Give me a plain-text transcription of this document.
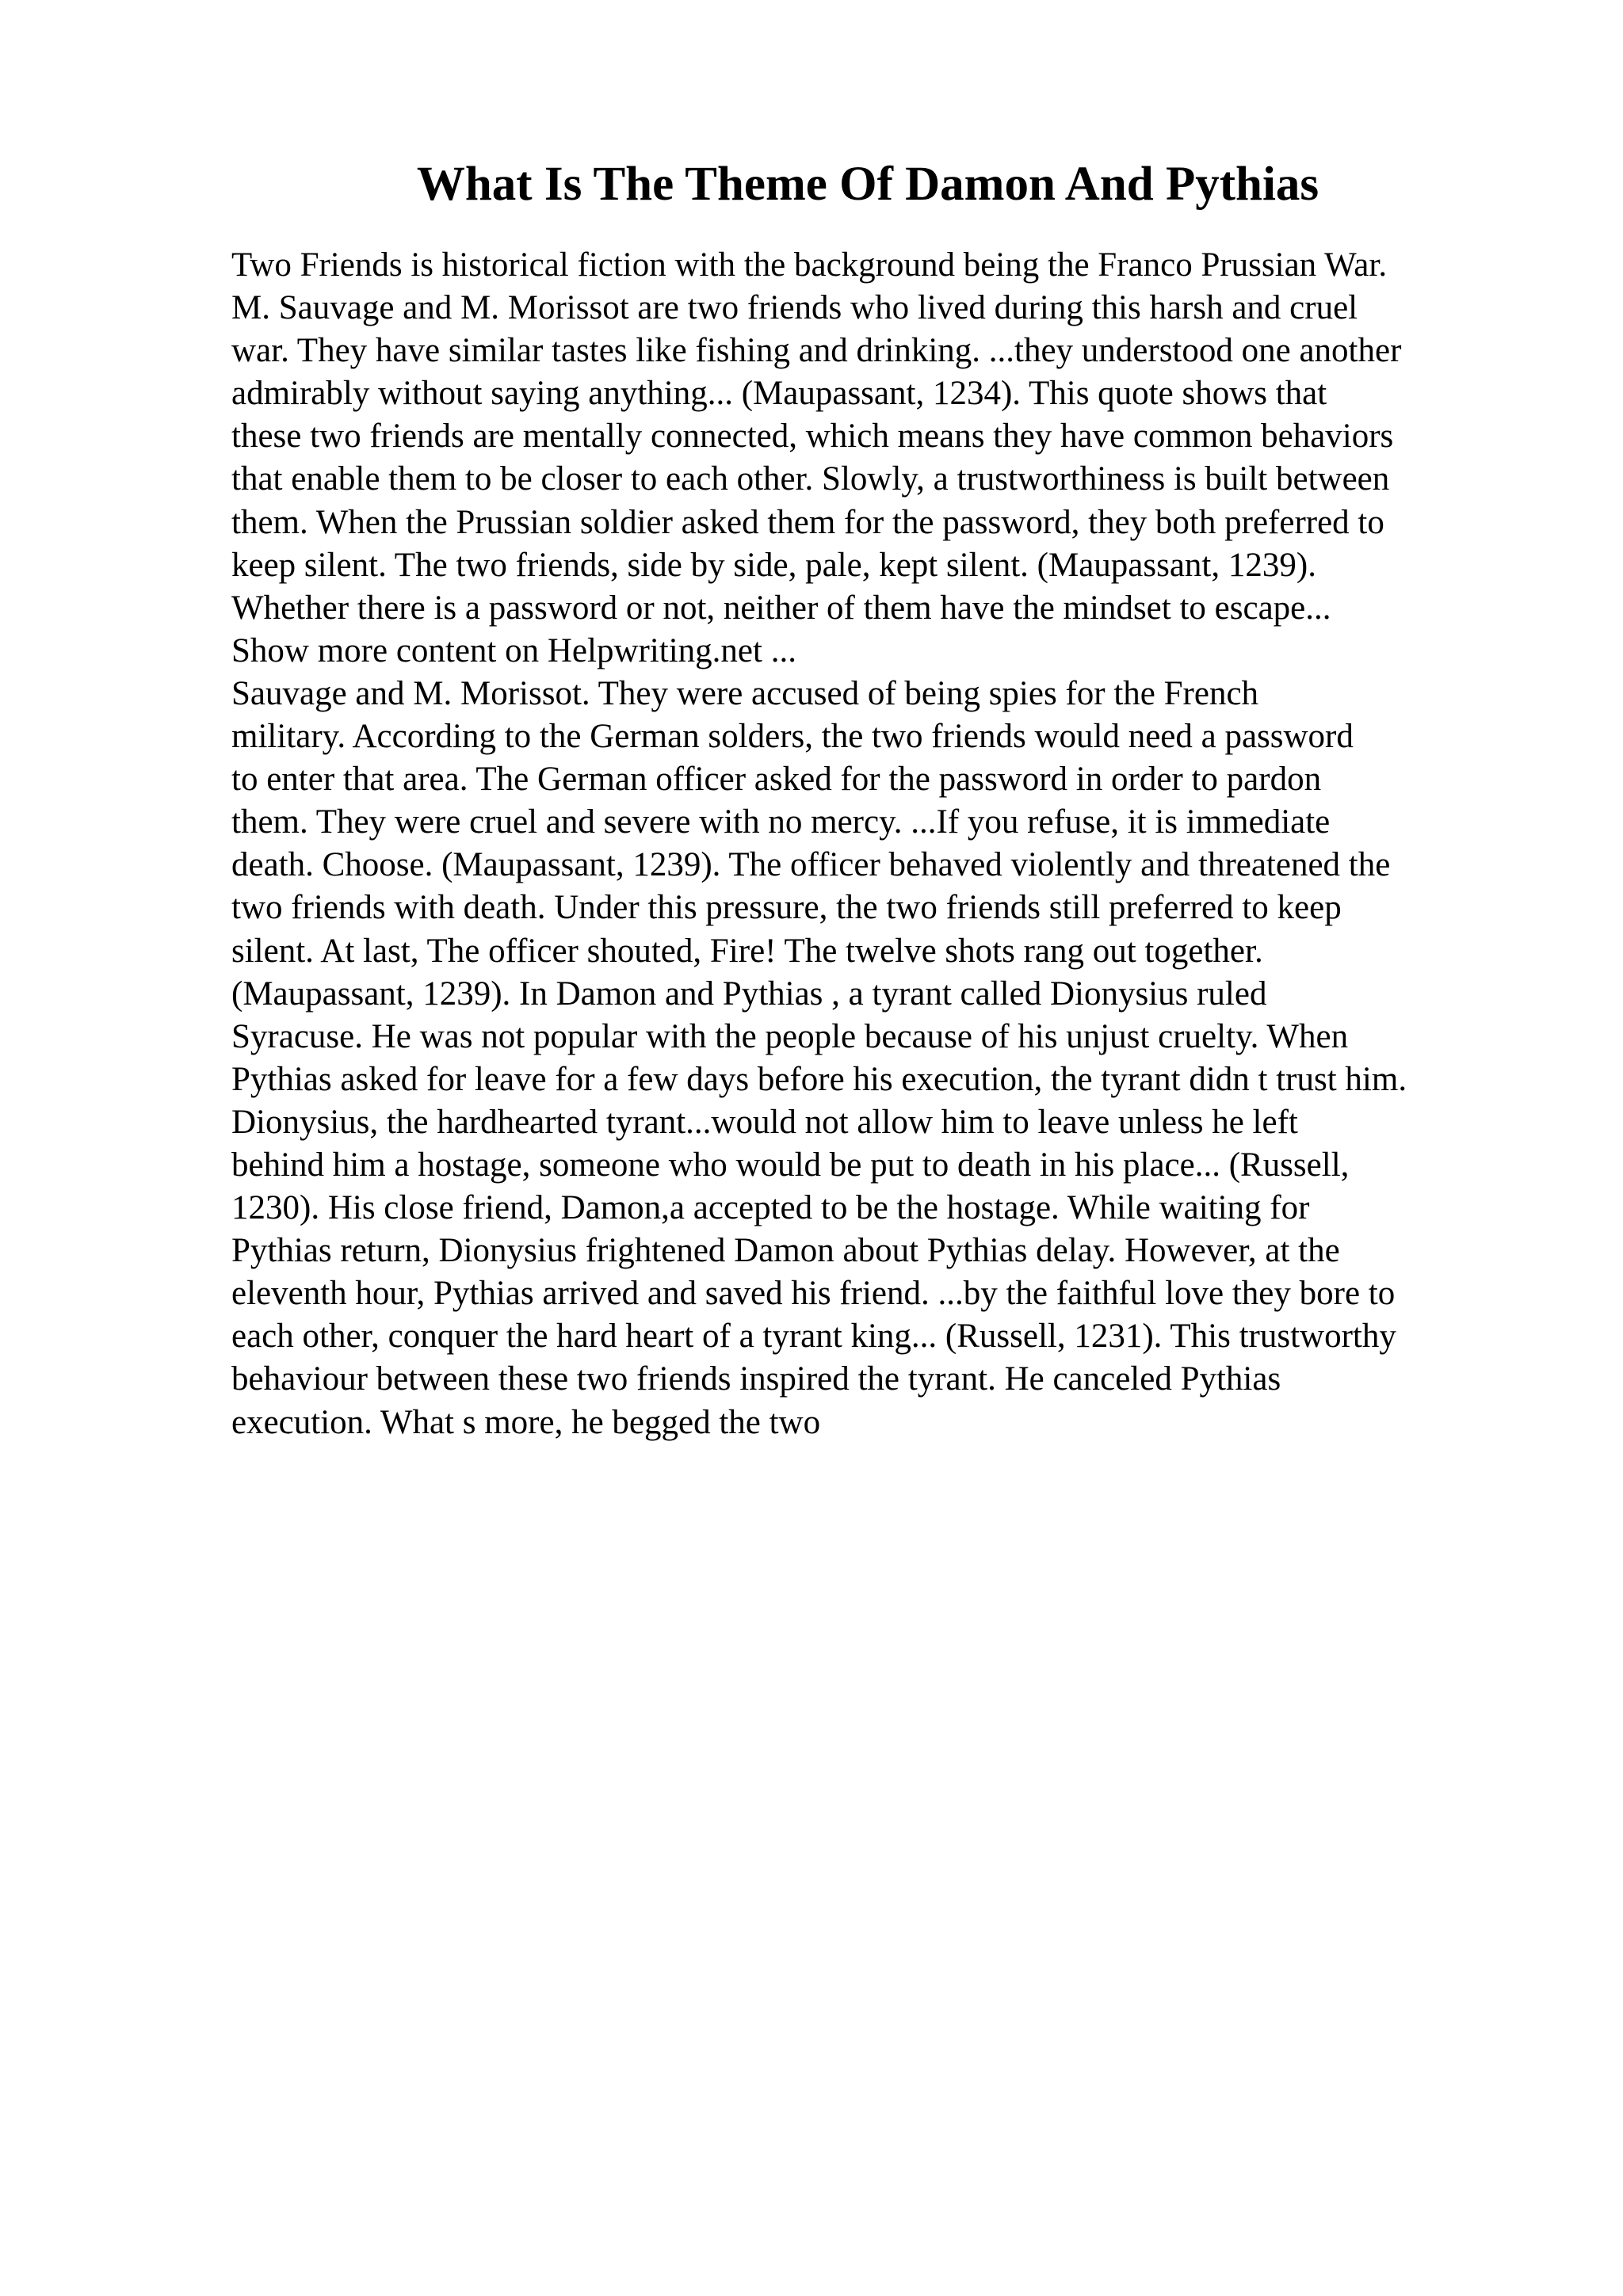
What Is The Theme Of Damon And Pythias
Two Friends is historical fiction with the background being the Franco Prussian War.
M. Sauvage and M. Morissot are two friends who lived during this harsh and cruel
war. They have similar tastes like fishing and drinking. ...they understood one another
admirably without saying anything... (Maupassant, 1234). This quote shows that
these two friends are mentally connected, which means they have common behaviors
that enable them to be closer to each other. Slowly, a trustworthiness is built between
them. When the Prussian soldier asked them for the password, they both preferred to
keep silent. The two friends, side by side, pale, kept silent. (Maupassant, 1239).
Whether there is a password or not, neither of them have the mindset to escape...
Show more content on Helpwriting.net ...
Sauvage and M. Morissot. They were accused of being spies for the French
military. According to the German solders, the two friends would need a password
to enter that area. The German officer asked for the password in order to pardon
them. They were cruel and severe with no mercy. ...If you refuse, it is immediate
death. Choose. (Maupassant, 1239). The officer behaved violently and threatened the
two friends with death. Under this pressure, the two friends still preferred to keep
silent. At last, The officer shouted, Fire! The twelve shots rang out together.
(Maupassant, 1239). In Damon and Pythias , a tyrant called Dionysius ruled
Syracuse. He was not popular with the people because of his unjust cruelty. When
Pythias asked for leave for a few days before his execution, the tyrant didn t trust him.
Dionysius, the hardhearted tyrant...would not allow him to leave unless he left
behind him a hostage, someone who would be put to death in his place... (Russell,
1230). His close friend, Damon,a accepted to be the hostage. While waiting for
Pythias return, Dionysius frightened Damon about Pythias delay. However, at the
eleventh hour, Pythias arrived and saved his friend. ...by the faithful love they bore to
each other, conquer the hard heart of a tyrant king... (Russell, 1231). This trustworthy
behaviour between these two friends inspired the tyrant. He canceled Pythias
execution. What s more, he begged the two
